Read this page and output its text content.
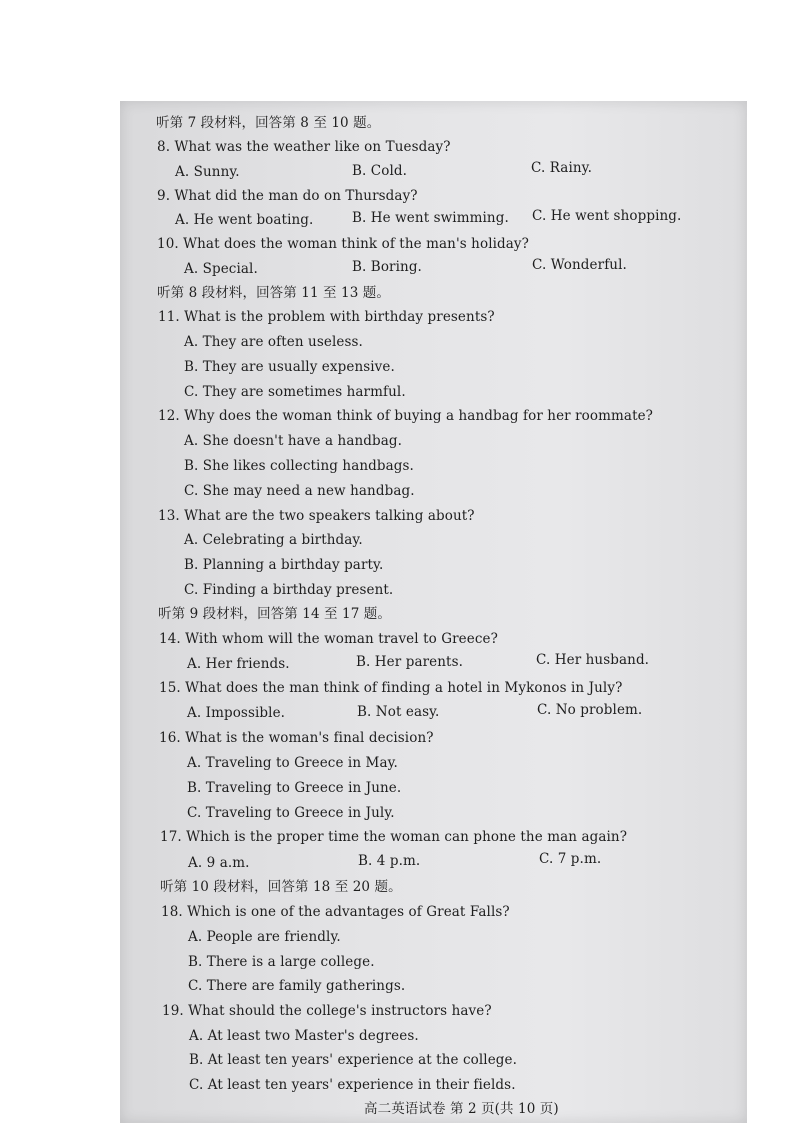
听第 7 段材料，回答第 8 至 10 题。
8. What was the weather like on Tuesday?
A. Sunny.	B. Cold.	C. Rainy.
9. What did the man do on Thursday?
A. He went boating.	B. He went swimming. C. He went shopping.
10. What does the woman think of the man's holiday?
A. Special.	B. Boring.	C. Wonderful.
听第 8 段材料，回答第 11 至 13 题。
11. What is the problem with birthday presents?
A. They are often useless.
B. They are usually expensive.
C. They are sometimes harmful.
12. Why does the woman think of buying a handbag for her roommate?
A. She doesn't have a handbag.
B. She likes collecting handbags.
C. She may need a new handbag.
13. What are the two speakers talking about?
A. Celebrating a birthday.
B. Planning a birthday party.
C. Finding a birthday present.
听第 9 段材料，回答第 14 至 17 题。
14. With whom will the woman travel to Greece?
A. Her friends.	B. Her parents.	C. Her husband.
15. What does the man think of finding a hotel in Mykonos in July?
A. Impossible.	B. Not easy.	C. No problem.
16. What is the woman's final decision?
A. Traveling to Greece in May.
B. Traveling to Greece in June.
C. Traveling to Greece in July.
17. Which is the proper time the woman can phone the man again?
A. 9 a.m.	B. 4 p.m.	C. 7 p.m.
听第 10 段材料，回答第 18 至 20 题。
18. Which is one of the advantages of Great Falls?
A. People are friendly.
B. There is a large college.
C. There are family gatherings.
19. What should the college's instructors have?
A. At least two Master's degrees.
B. At least ten years' experience at the college.
C. At least ten years' experience in their fields.
高二英语试卷 第 2 页(共 10 页)
